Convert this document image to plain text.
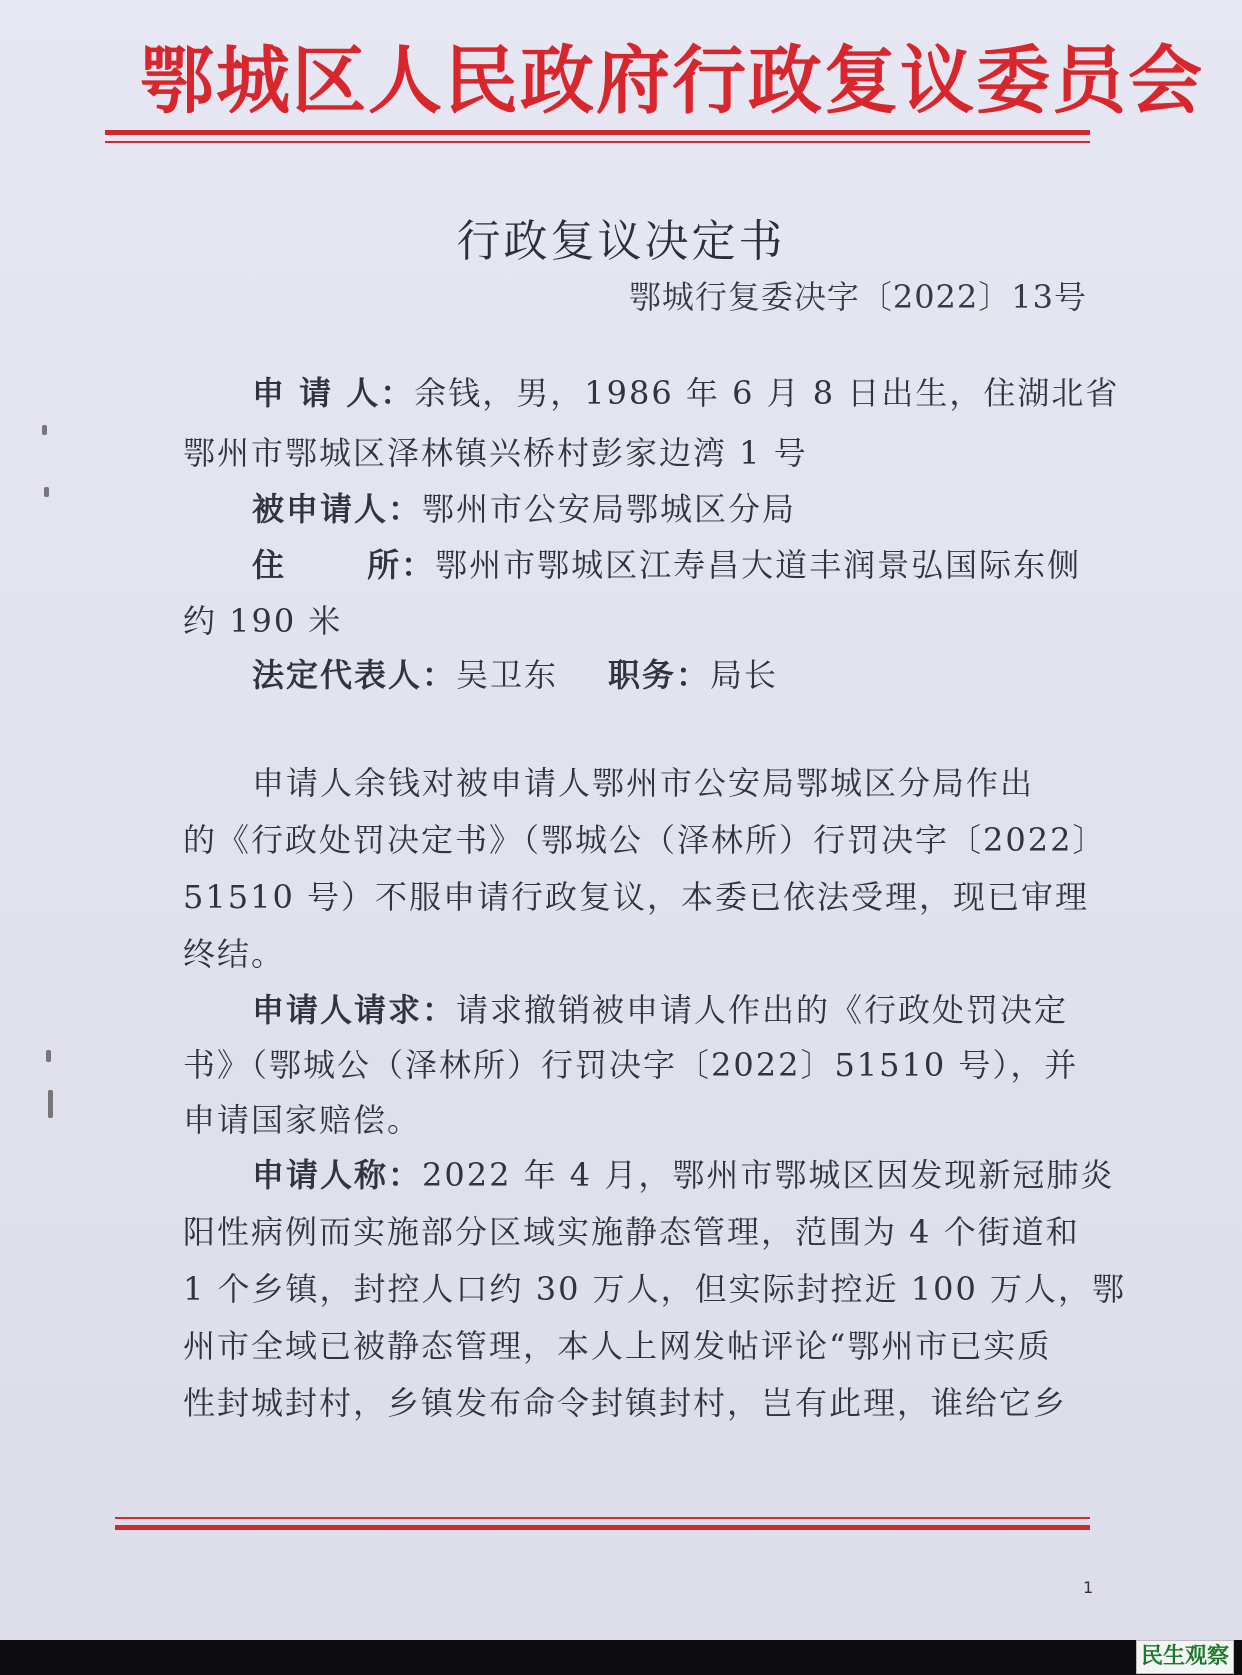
鄂城区人民政府行政复议委员会
行政复议决定书
鄂城行复委决字〔2022〕13号
申 请 人：余钱，男，1986 年 6 月 8 日出生，住湖北省
鄂州市鄂城区泽林镇兴桥村彭家边湾 1 号
被申请人：鄂州市公安局鄂城区分局
住　　 所：鄂州市鄂城区江寿昌大道丰润景弘国际东侧
约 190 米
法定代表人：吴卫东 职务：局长
申请人余钱对被申请人鄂州市公安局鄂城区分局作出
的《行政处罚决定书》（鄂城公（泽林所）行罚决字〔2022〕
51510 号）不服申请行政复议，本委已依法受理，现已审理
终结。
申请人请求：请求撤销被申请人作出的《行政处罚决定
书》（鄂城公（泽林所）行罚决字〔2022〕51510 号），并
申请国家赔偿。
申请人称：2022 年 4 月，鄂州市鄂城区因发现新冠肺炎
阳性病例而实施部分区域实施静态管理，范围为 4 个街道和
1 个乡镇，封控人口约 30 万人，但实际封控近 100 万人，鄂
州市全域已被静态管理，本人上网发帖评论“鄂州市已实质
性封城封村，乡镇发布命令封镇封村，岂有此理，谁给它乡
1
民生观察
